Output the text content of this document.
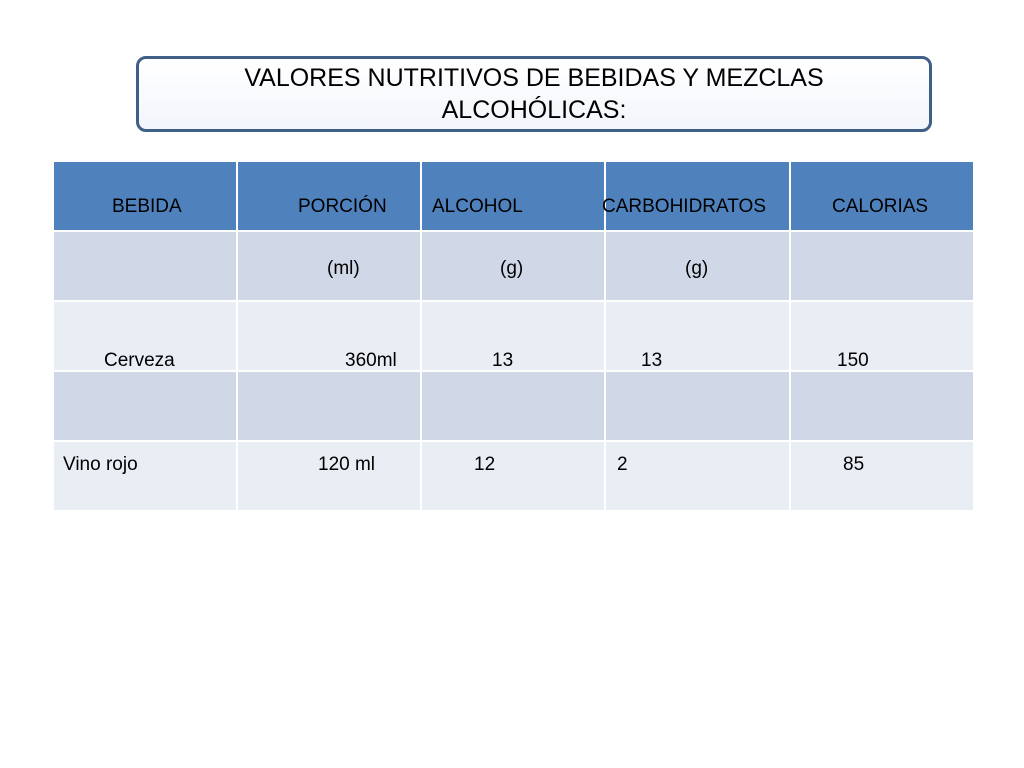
VALORES NUTRITIVOS DE BEBIDAS Y MEZCLAS ALCOHÓLICAS:
BEBIDA	PORCIÓN	ALCOHOL	CARBOHIDRATOS	CALORIAS

	(ml)	(g)	(g)	

Cerveza	360ml	13	13	150

Vino rojo	120 ml	12	2	85
